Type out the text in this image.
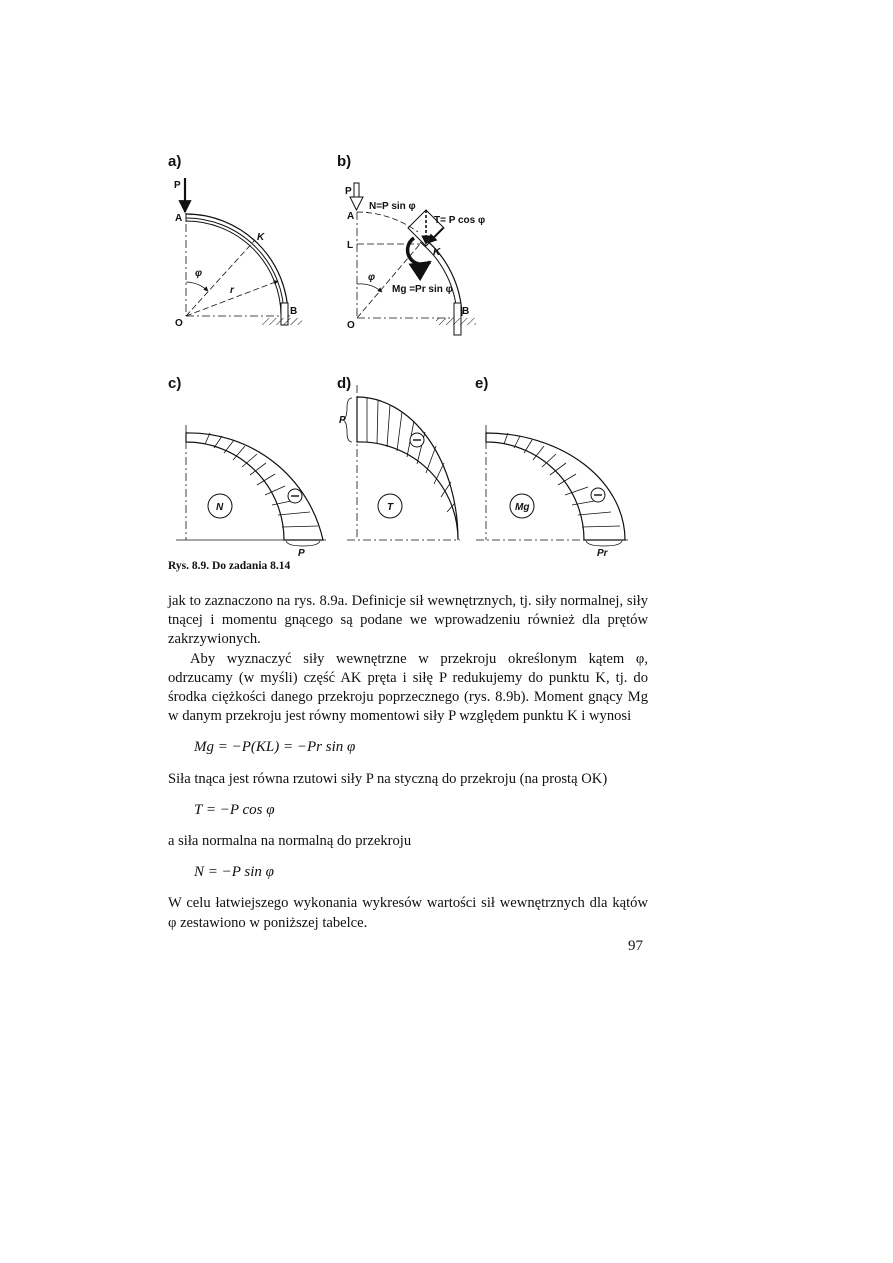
a)
P
A
B
K
r
φ
O
b)
P
A
N=P sin φ
T= P cos φ
K
L
φ
Mg =Pr sin φ
B
O
c)
N
P
d)
P
T
e)
Mg
Pr
Rys. 8.9. Do zadania 8.14

jak to zaznaczono na rys. 8.9a. Definicje sił wewnętrznych, tj. siły normalnej, siły tnącej i momentu gnącego są podane we wprowadzeniu również dla prętów zakrzywionych.

Aby wyznaczyć siły wewnętrzne w przekroju określonym kątem φ, odrzucamy (w myśli) część AK pręta i siłę P redukujemy do punktu K, tj. do środka ciężkości danego przekroju poprzecznego (rys. 8.9b). Moment gnący Mg w danym przekroju jest równy momentowi siły P względem punktu K i wynosi

Mg = −P(KL) = −Pr sin φ

Siła tnąca jest równa rzutowi siły P na styczną do przekroju (na prostą OK)

T = −P cos φ

a siła normalna na normalną do przekroju

N = −P sin φ

W celu łatwiejszego wykonania wykresów wartości sił wewnętrznych dla kątów φ zestawiono w poniższej tabelce.

97
